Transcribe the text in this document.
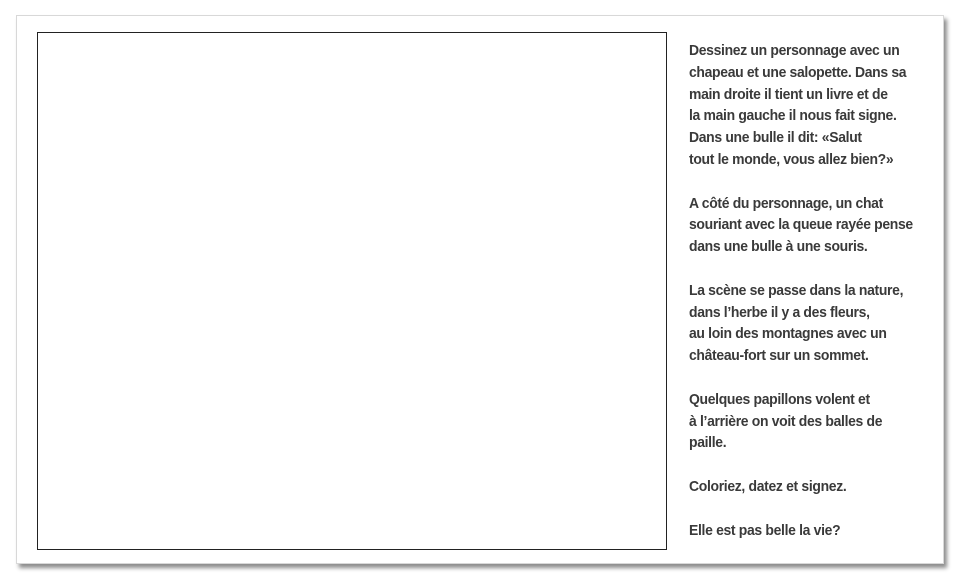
Dessinez un personnage avec un
chapeau et une salopette. Dans sa
main droite il tient un livre et de
la main gauche il nous fait signe.
Dans une bulle il dit: «Salut
tout le monde, vous allez bien?»

A côté du personnage, un chat
souriant avec la queue rayée pense
dans une bulle à une souris.

La scène se passe dans la nature,
dans l’herbe il y a des fleurs,
au loin des montagnes avec un
château-fort sur un sommet.

Quelques papillons volent et
à l’arrière on voit des balles de
paille.

Coloriez, datez et signez.

Elle est pas belle la vie?
